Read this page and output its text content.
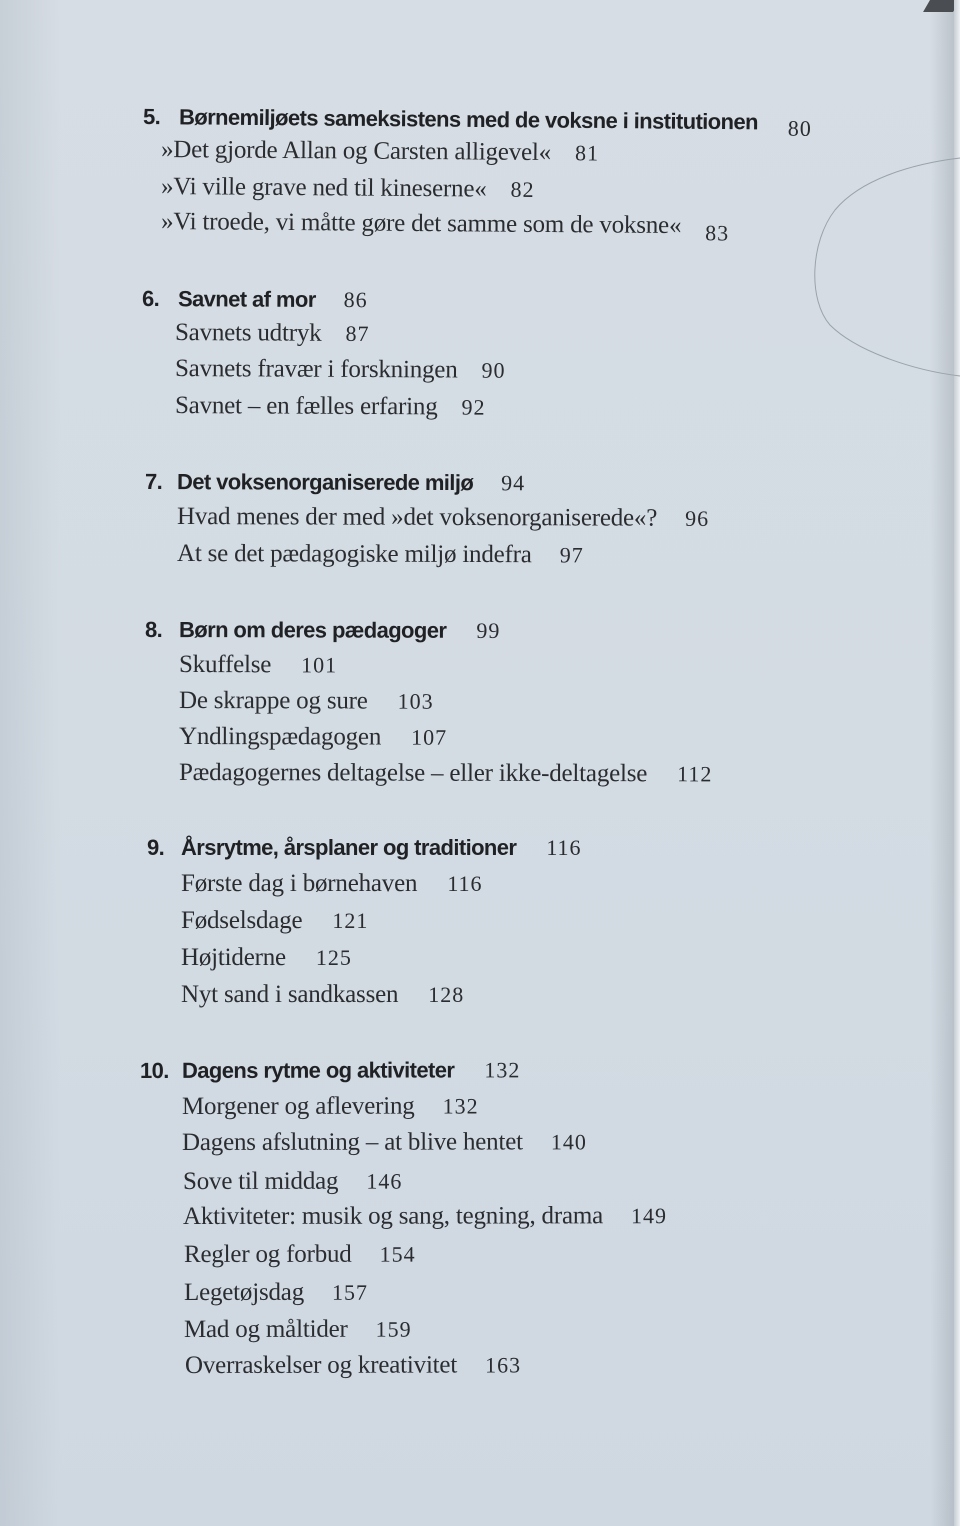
5. Børnemiljøets sameksistens med de voksne i institutionen 80
»Det gjorde Allan og Carsten alligevel« 81
»Vi ville grave ned til kineserne« 82
»Vi troede, vi måtte gøre det samme som de voksne« 83
6. Savnet af mor 86
Savnets udtryk 87
Savnets fravær i forskningen 90
Savnet – en fælles erfaring 92
7. Det voksenorganiserede miljø 94
Hvad menes der med »det voksenorganiserede«? 96
At se det pædagogiske miljø indefra 97
8. Børn om deres pædagoger 99
Skuffelse 101
De skrappe og sure 103
Yndlingspædagogen 107
Pædagogernes deltagelse – eller ikke-deltagelse 112
9. Årsrytme, årsplaner og traditioner 116
Første dag i børnehaven 116
Fødselsdage 121
Højtiderne 125
Nyt sand i sandkassen 128
10. Dagens rytme og aktiviteter 132
Morgener og aflevering 132
Dagens afslutning – at blive hentet 140
Sove til middag 146
Aktiviteter: musik og sang, tegning, drama 149
Regler og forbud 154
Legetøjsdag 157
Mad og måltider 159
Overraskelser og kreativitet 163
